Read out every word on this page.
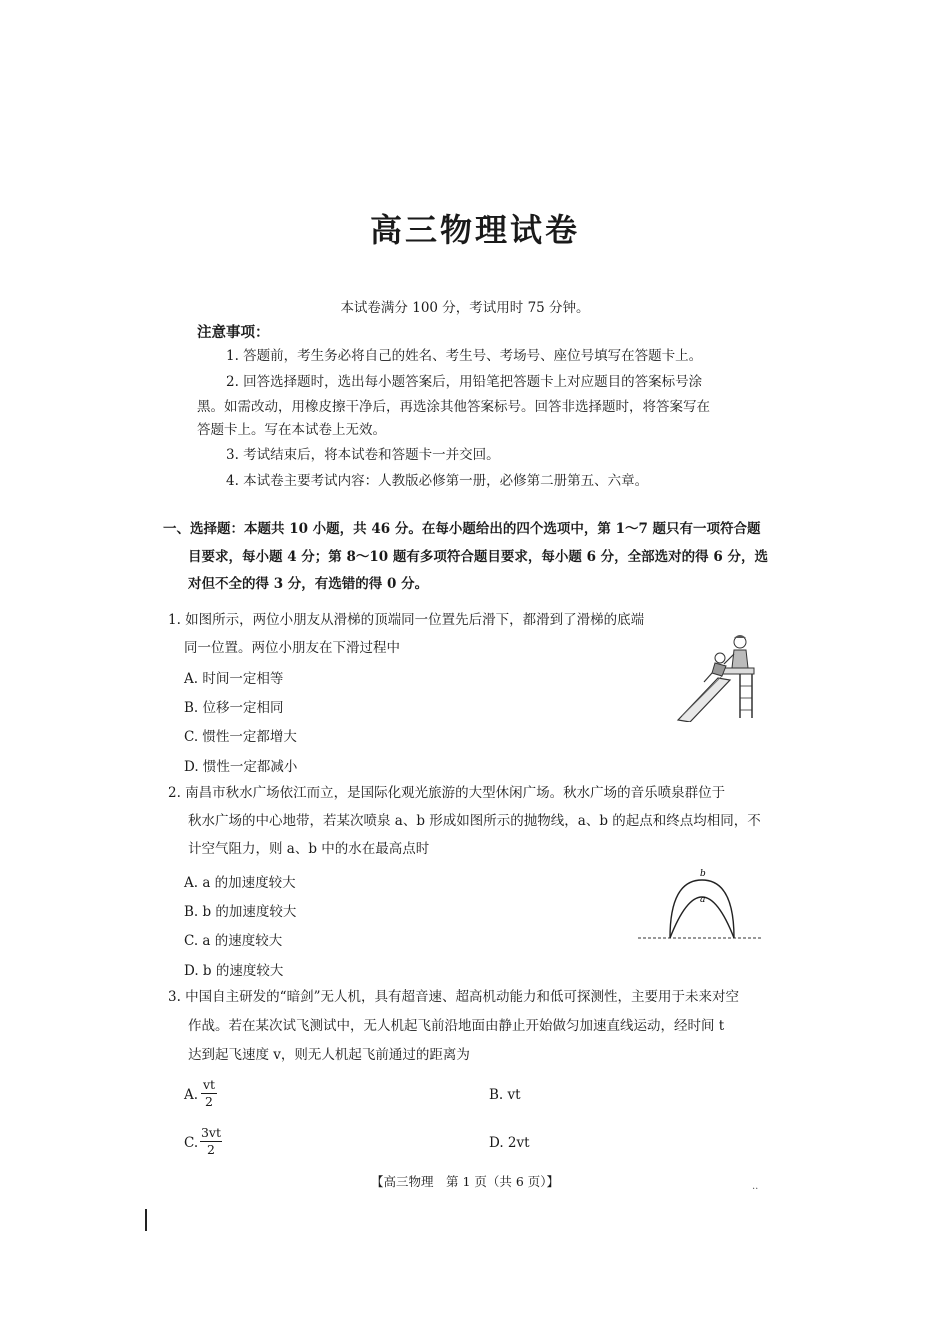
高三物理试卷
本试卷满分 100 分，考试用时 75 分钟。
注意事项：
1. 答题前，考生务必将自己的姓名、考生号、考场号、座位号填写在答题卡上。
2. 回答选择题时，选出每小题答案后，用铅笔把答题卡上对应题目的答案标号涂
黑。如需改动，用橡皮擦干净后，再选涂其他答案标号。回答非选择题时，将答案写在
答题卡上。写在本试卷上无效。
3. 考试结束后，将本试卷和答题卡一并交回。
4. 本试卷主要考试内容：人教版必修第一册，必修第二册第五、六章。
一、选择题：本题共 10 小题，共 46 分。在每小题给出的四个选项中，第 1～7 题只有一项符合题
目要求，每小题 4 分；第 8～10 题有多项符合题目要求，每小题 6 分，全部选对的得 6 分，选
对但不全的得 3 分，有选错的得 0 分。
1. 如图所示，两位小朋友从滑梯的顶端同一位置先后滑下，都滑到了滑梯的底端
同一位置。两位小朋友在下滑过程中
A. 时间一定相等
B. 位移一定相同
C. 惯性一定都增大
D. 惯性一定都减小
2. 南昌市秋水广场依江而立，是国际化观光旅游的大型休闲广场。秋水广场的音乐喷泉群位于
秋水广场的中心地带，若某次喷泉 a、b 形成如图所示的抛物线，a、b 的起点和终点均相同，不
计空气阻力，则 a、b 中的水在最高点时
A. a 的加速度较大
B. b 的加速度较大
C. a 的速度较大
D. b 的速度较大
b
a
3. 中国自主研发的“暗剑”无人机，具有超音速、超高机动能力和低可探测性，主要用于未来对空
作战。若在某次试飞测试中，无人机起飞前沿地面由静止开始做匀加速直线运动，经时间 t
达到起飞速度 v，则无人机起飞前通过的距离为
A.
vt
2	B. vt
C.
3vt
2	D. 2vt
【高三物理　第 1 页（共 6 页）】	..
